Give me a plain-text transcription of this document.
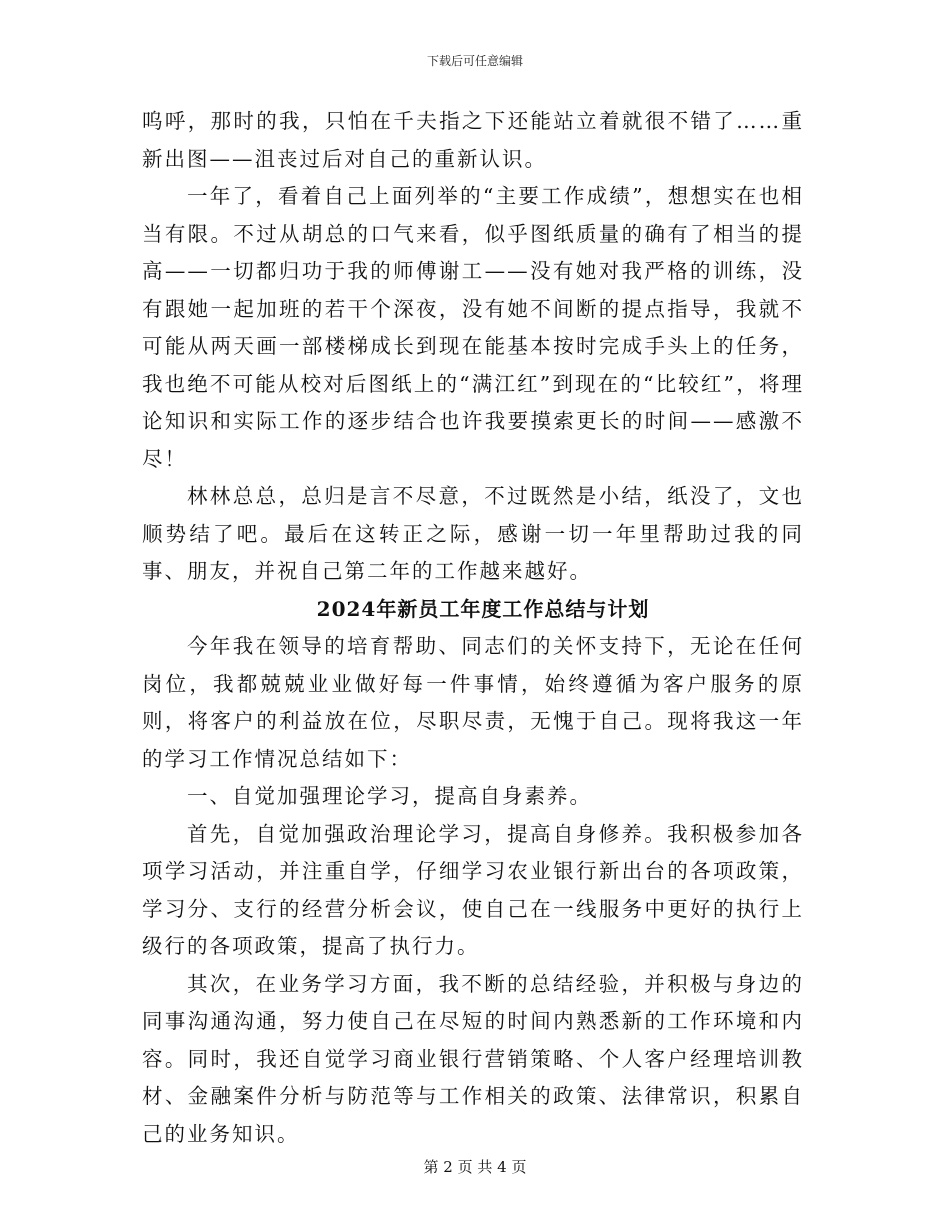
下载后可任意编辑

呜呼，那时的我，只怕在千夫指之下还能站立着就很不错了……重新出图——沮丧过后对自己的重新认识。

一年了，看着自己上面列举的“主要工作成绩”，想想实在也相当有限。不过从胡总的口气来看，似乎图纸质量的确有了相当的提高——一切都归功于我的师傅谢工——没有她对我严格的训练，没有跟她一起加班的若干个深夜，没有她不间断的提点指导，我就不可能从两天画一部楼梯成长到现在能基本按时完成手头上的任务，我也绝不可能从校对后图纸上的“满江红”到现在的“比较红”，将理论知识和实际工作的逐步结合也许我要摸索更长的时间——感激不尽！

林林总总，总归是言不尽意，不过既然是小结，纸没了，文也顺势结了吧。最后在这转正之际，感谢一切一年里帮助过我的同事、朋友，并祝自己第二年的工作越来越好。

2024年新员工年度工作总结与计划

今年我在领导的培育帮助、同志们的关怀支持下，无论在任何岗位，我都兢兢业业做好每一件事情，始终遵循为客户服务的原则，将客户的利益放在位，尽职尽责，无愧于自己。现将我这一年的学习工作情况总结如下：

一、自觉加强理论学习，提高自身素养。

首先，自觉加强政治理论学习，提高自身修养。我积极参加各项学习活动，并注重自学，仔细学习农业银行新出台的各项政策，学习分、支行的经营分析会议，使自己在一线服务中更好的执行上级行的各项政策，提高了执行力。

其次，在业务学习方面，我不断的总结经验，并积极与身边的同事沟通沟通，努力使自己在尽短的时间内熟悉新的工作环境和内容。同时，我还自觉学习商业银行营销策略、个人客户经理培训教材、金融案件分析与防范等与工作相关的政策、法律常识，积累自己的业务知识。

第 2 页 共 4 页
